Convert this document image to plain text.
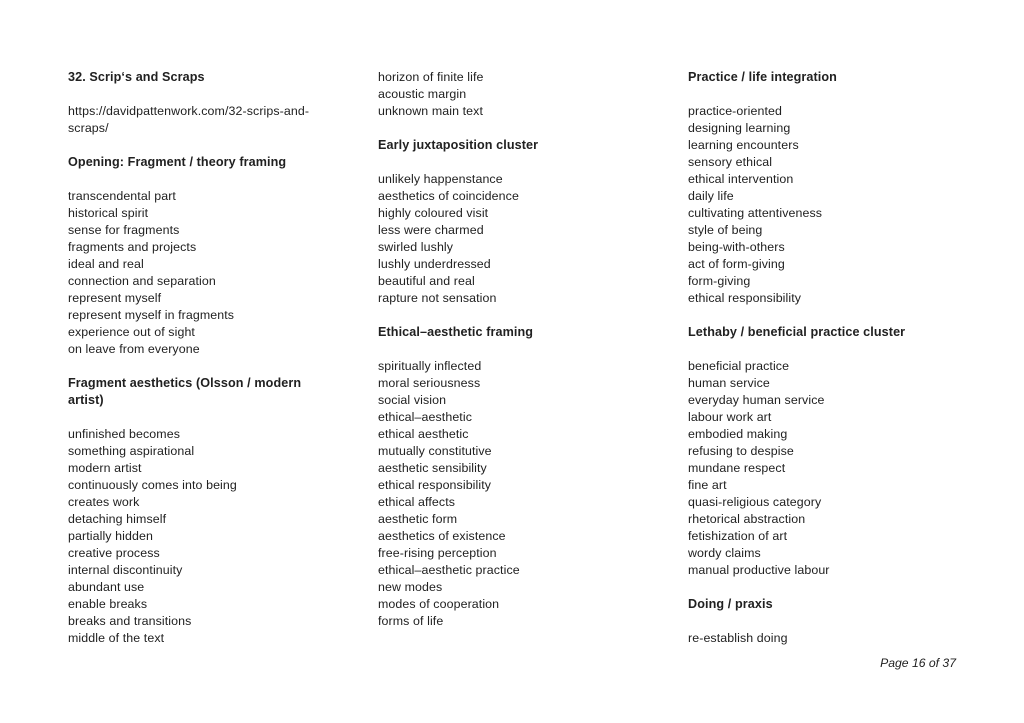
32. Scrip‘s and Scraps
https://davidpattenwork.com/32-scrips-and-
scraps/
Opening: Fragment / theory framing
transcendental part
historical spirit
sense for fragments
fragments and projects
ideal and real
connection and separation
represent myself
represent myself in fragments
experience out of sight
on leave from everyone
Fragment aesthetics (Olsson / modern
artist)
unfinished becomes
something aspirational
modern artist
continuously comes into being
creates work
detaching himself
partially hidden
creative process
internal discontinuity
abundant use
enable breaks
breaks and transitions
middle of the text
horizon of finite life
acoustic margin
unknown main text
Early juxtaposition cluster
unlikely happenstance
aesthetics of coincidence
highly coloured visit
less were charmed
swirled lushly
lushly underdressed
beautiful and real
rapture not sensation
Ethical–aesthetic framing
spiritually inflected
moral seriousness
social vision
ethical–aesthetic
ethical aesthetic
mutually constitutive
aesthetic sensibility
ethical responsibility
ethical affects
aesthetic form
aesthetics of existence
free-rising perception
ethical–aesthetic practice
new modes
modes of cooperation
forms of life
Practice / life integration
practice-oriented
designing learning
learning encounters
sensory ethical
ethical intervention
daily life
cultivating attentiveness
style of being
being-with-others
act of form-giving
form-giving
ethical responsibility
Lethaby / beneficial practice cluster
beneficial practice
human service
everyday human service
labour work art
embodied making
refusing to despise
mundane respect
fine art
quasi-religious category
rhetorical abstraction
fetishization of art
wordy claims
manual productive labour
Doing / praxis
re-establish doing
Page 16 of 37
